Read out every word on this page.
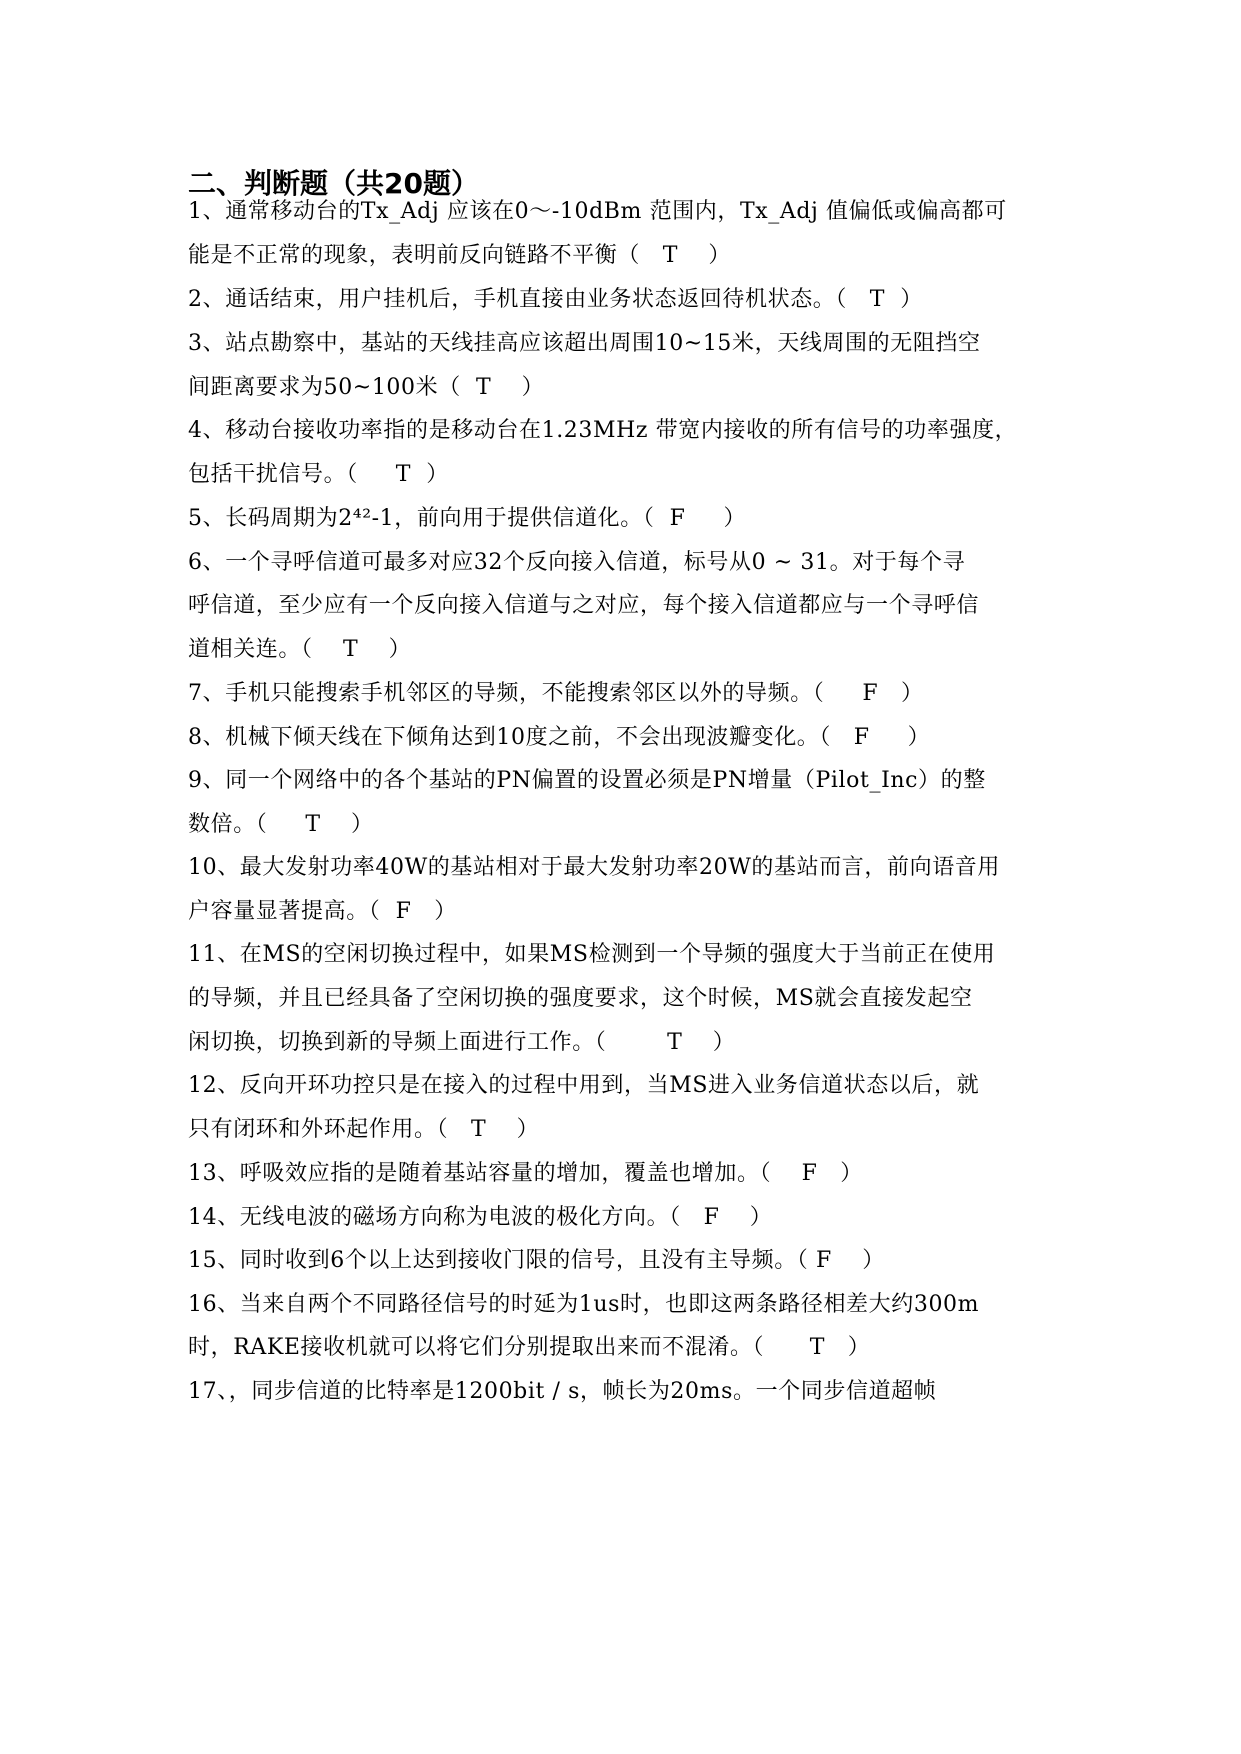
二、判断题（共20题）
1、通常移动台的Tx_Adj 应该在0～-10dBm 范围内，Tx_Adj 值偏低或偏高都可
能是不正常的现象，表明前反向链路不平衡（   T    ）
2、通话结束，用户挂机后，手机直接由业务状态返回待机状态。（   T  ）
3、站点勘察中，基站的天线挂高应该超出周围10~15米，天线周围的无阻挡空
间距离要求为50~100米（  T    ）
4、移动台接收功率指的是移动台在1.23MHz 带宽内接收的所有信号的功率强度，
包括干扰信号。（     T  ）
5、长码周期为2⁴²-1，前向用于提供信道化。（  F     ）
6、一个寻呼信道可最多对应32个反向接入信道，标号从0 ~ 31。对于每个寻
呼信道，至少应有一个反向接入信道与之对应，每个接入信道都应与一个寻呼信
道相关连。（    T    ）
7、手机只能搜索手机邻区的导频，不能搜索邻区以外的导频。（     F   ）
8、机械下倾天线在下倾角达到10度之前，不会出现波瓣变化。（   F     ）
9、同一个网络中的各个基站的PN偏置的设置必须是PN增量（Pilot_Inc）的整
数倍。（     T    ）
10、最大发射功率40W的基站相对于最大发射功率20W的基站而言，前向语音用
户容量显著提高。（  F   ）
11、在MS的空闲切换过程中，如果MS检测到一个导频的强度大于当前正在使用
的导频，并且已经具备了空闲切换的强度要求，这个时候，MS就会直接发起空
闲切换，切换到新的导频上面进行工作。（        T    ）
12、反向开环功控只是在接入的过程中用到，当MS进入业务信道状态以后，就
只有闭环和外环起作用。（   T    ）
13、呼吸效应指的是随着基站容量的增加，覆盖也增加。（    F   ）
14、无线电波的磁场方向称为电波的极化方向。（   F    ）
15、同时收到6个以上达到接收门限的信号，且没有主导频。（ F    ）
16、当来自两个不同路径信号的时延为1us时，也即这两条路径相差大约300m
时，RAKE接收机就可以将它们分别提取出来而不混淆。（      T   ）
17、，同步信道的比特率是1200bit / s，帧长为20ms。一个同步信道超帧
